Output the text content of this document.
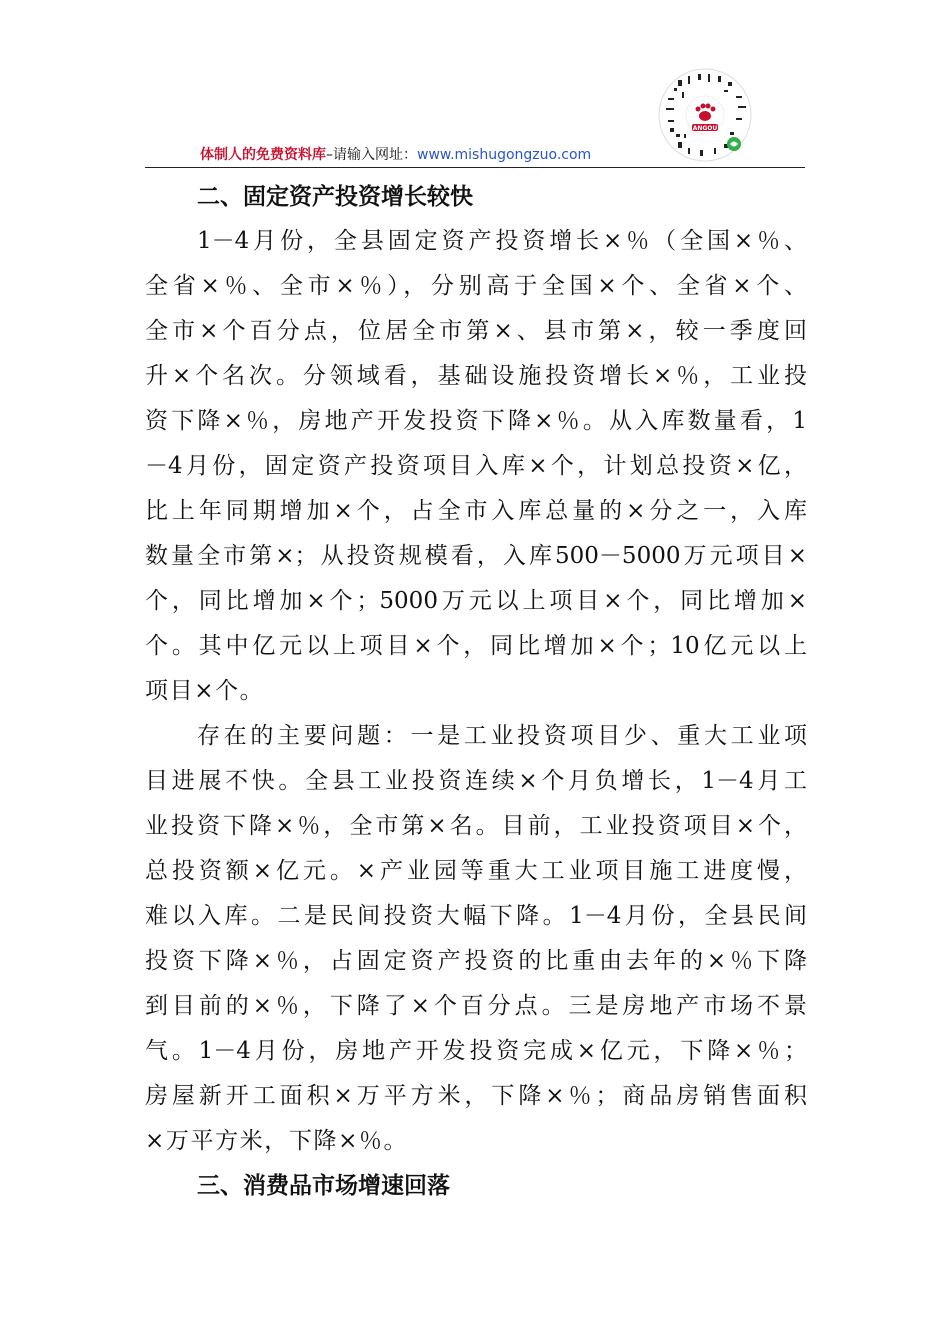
ANGOU
体制人的免费资料库–请输入网址：www.mishugongzuo.com
二、固定资产投资增长较快
1－4月份，全县固定资产投资增长×％（全国×％、
全省×％、全市×％），分别高于全国×个、全省×个、
全市×个百分点，位居全市第×、县市第×，较一季度回
升×个名次。分领域看，基础设施投资增长×％，工业投
资下降×％，房地产开发投资下降×％。从入库数量看，1
－4月份，固定资产投资项目入库×个，计划总投资×亿，
比上年同期增加×个，占全市入库总量的×分之一，入库
数量全市第×；从投资规模看，入库500－5000万元项目×
个，同比增加×个；5000万元以上项目×个，同比增加×
个。其中亿元以上项目×个，同比增加×个；10亿元以上
项目×个。
存在的主要问题：一是工业投资项目少、重大工业项
目进展不快。全县工业投资连续×个月负增长，1－4月工
业投资下降×％，全市第×名。目前，工业投资项目×个，
总投资额×亿元。×产业园等重大工业项目施工进度慢，
难以入库。二是民间投资大幅下降。1－4月份，全县民间
投资下降×％，占固定资产投资的比重由去年的×％下降
到目前的×％，下降了×个百分点。三是房地产市场不景
气。1－4月份，房地产开发投资完成×亿元，下降×％；
房屋新开工面积×万平方米，下降×％；商品房销售面积
×万平方米，下降×％。
三、消费品市场增速回落
